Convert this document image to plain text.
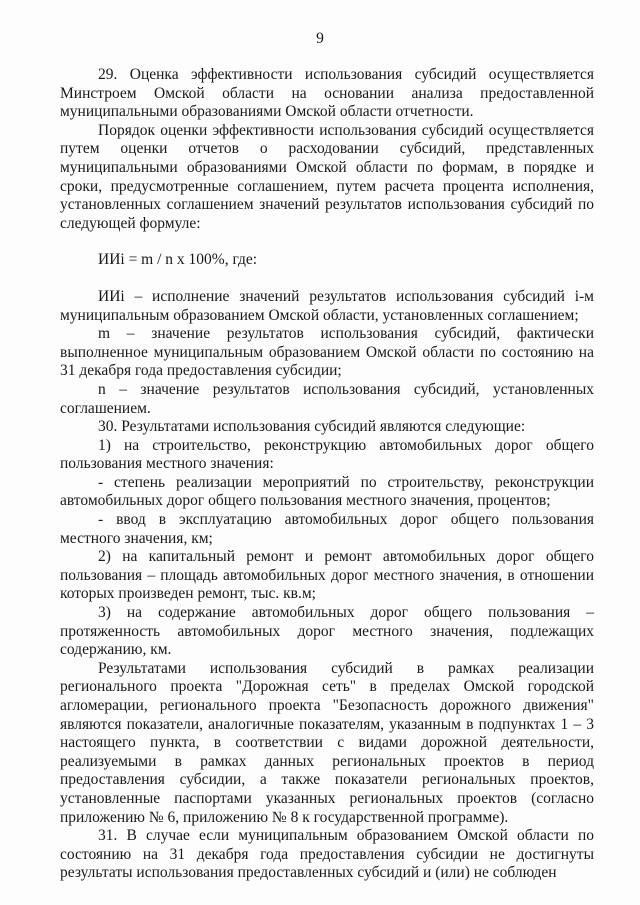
9

29. Оценка эффективности использования субсидий осуществляется Минстроем Омской области на основании анализа предоставленной муниципальными образованиями Омской области отчетности.

Порядок оценки эффективности использования субсидий осуществляется путем оценки отчетов о расходовании субсидий, представленных муниципальными образованиями Омской области по формам, в порядке и сроки, предусмотренные соглашением, путем расчета процента исполнения, установленных соглашением значений результатов использования субсидий по следующей формуле:

ИИi = m / n x 100%, где:

ИИi – исполнение значений результатов использования субсидий i-м муниципальным образованием Омской области, установленных соглашением;

m – значение результатов использования субсидий, фактически выполненное муниципальным образованием Омской области по состоянию на 31 декабря года предоставления субсидии;

n – значение результатов использования субсидий, установленных соглашением.

30. Результатами использования субсидий являются следующие:

1) на строительство, реконструкцию автомобильных дорог общего пользования местного значения:

- степень реализации мероприятий по строительству, реконструкции автомобильных дорог общего пользования местного значения, процентов;

- ввод в эксплуатацию автомобильных дорог общего пользования местного значения, км;

2) на капитальный ремонт и ремонт автомобильных дорог общего пользования – площадь автомобильных дорог местного значения, в отношении которых произведен ремонт, тыс. кв.м;

3) на содержание автомобильных дорог общего пользования – протяженность автомобильных дорог местного значения, подлежащих содержанию, км.

Результатами использования субсидий в рамках реализации регионального проекта "Дорожная сеть" в пределах Омской городской агломерации, регионального проекта "Безопасность дорожного движения" являются показатели, аналогичные показателям, указанным в подпунктах 1 – 3 настоящего пункта, в соответствии с видами дорожной деятельности, реализуемыми в рамках данных региональных проектов в период предоставления субсидии, а также показатели региональных проектов, установленные паспортами указанных региональных проектов (согласно приложению № 6, приложению № 8 к государственной программе).

31. В случае если муниципальным образованием Омской области по состоянию на 31 декабря года предоставления субсидии не достигнуты результаты использования предоставленных субсидий и (или) не соблюден
